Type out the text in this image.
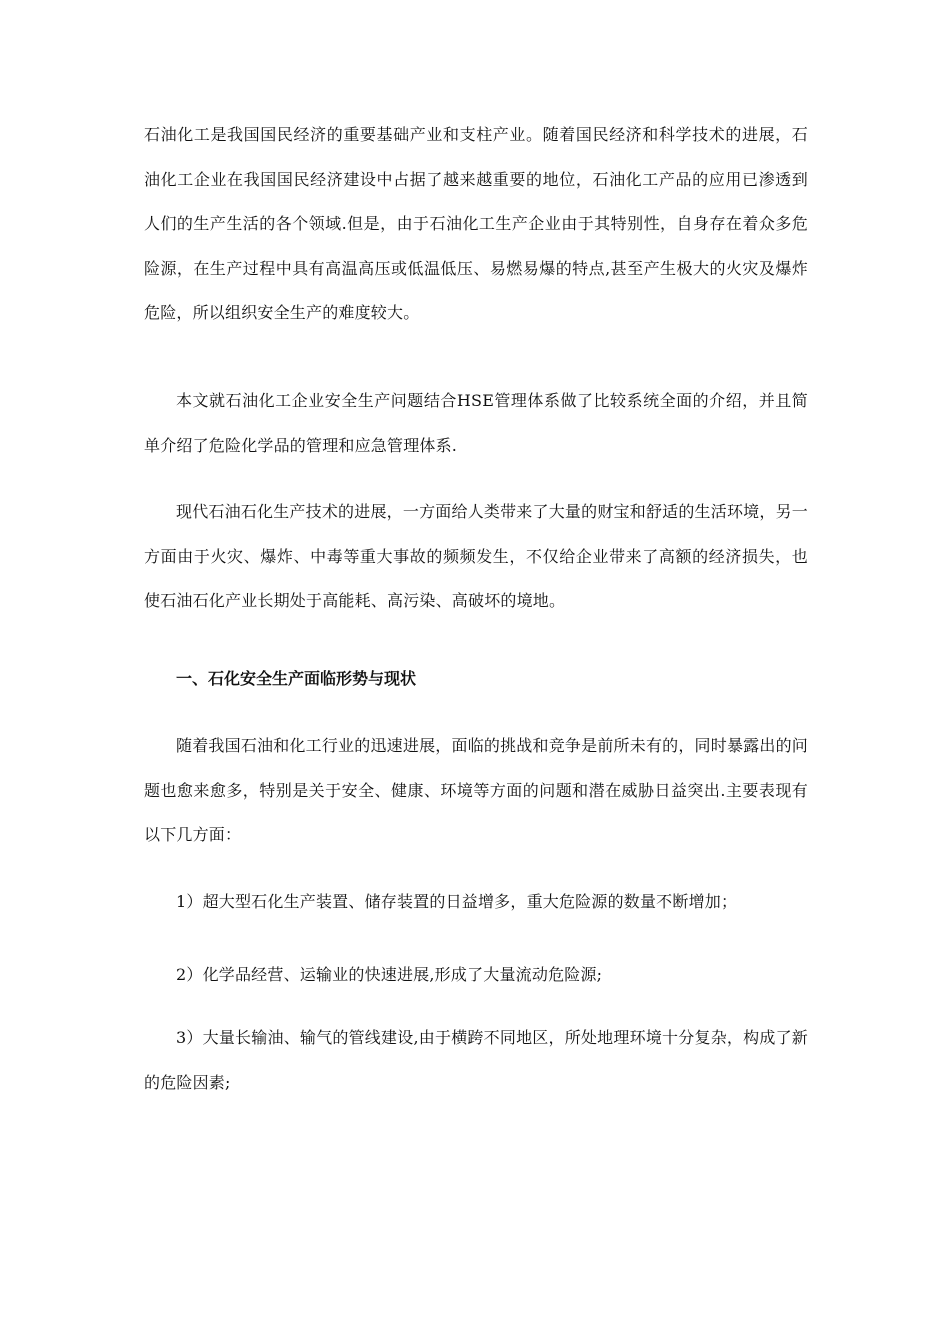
石油化工是我国国民经济的重要基础产业和支柱产业。随着国民经济和科学技术的进展，石油化工企业在我国国民经济建设中占据了越来越重要的地位，石油化工产品的应用已渗透到人们的生产生活的各个领域.但是，由于石油化工生产企业由于其特别性，自身存在着众多危险源，在生产过程中具有高温高压或低温低压、易燃易爆的特点,甚至产生极大的火灾及爆炸危险，所以组织安全生产的难度较大。

本文就石油化工企业安全生产问题结合HSE管理体系做了比较系统全面的介绍，并且简单介绍了危险化学品的管理和应急管理体系.

现代石油石化生产技术的进展，一方面给人类带来了大量的财宝和舒适的生活环境，另一方面由于火灾、爆炸、中毒等重大事故的频频发生，不仅给企业带来了高额的经济损失，也使石油石化产业长期处于高能耗、高污染、高破坏的境地。

一、石化安全生产面临形势与现状

随着我国石油和化工行业的迅速进展，面临的挑战和竞争是前所未有的，同时暴露出的问题也愈来愈多，特别是关于安全、健康、环境等方面的问题和潜在威胁日益突出.主要表现有以下几方面：

1）超大型石化生产装置、储存装置的日益增多，重大危险源的数量不断增加；

2）化学品经营、运输业的快速进展,形成了大量流动危险源;

3）大量长输油、输气的管线建设,由于横跨不同地区，所处地理环境十分复杂，构成了新的危险因素;
